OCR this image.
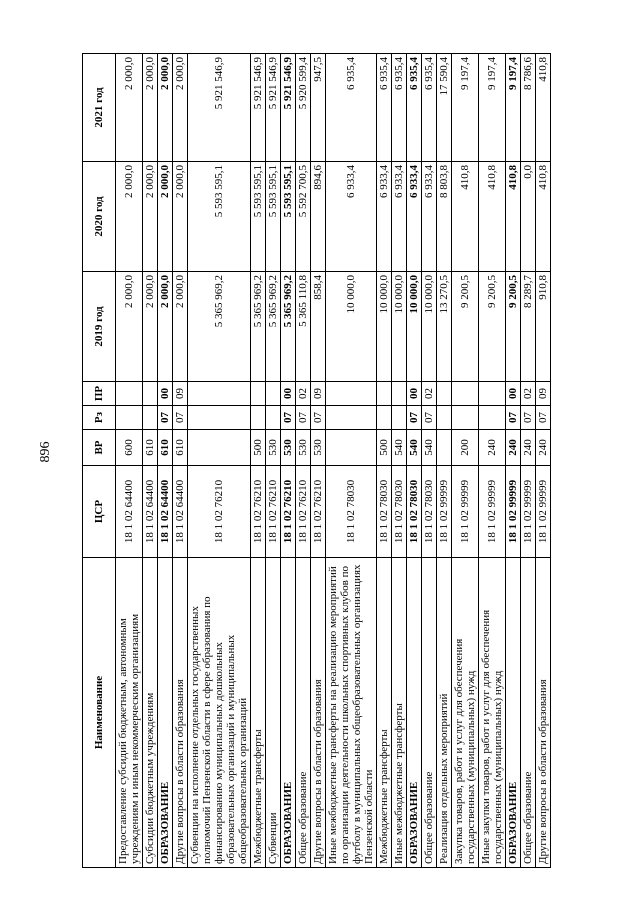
896
Наименование	ЦСР	ВР	Рз	ПР	2019 год	2020 год	2021 год
Предоставление субсидий бюджетным, автономным учреждениям и иным некоммерческим организациям	18 1 02 64400	600			2 000,0	2 000,0	2 000,0
Субсидии бюджетным учреждениям	18 1 02 64400	610			2 000,0	2 000,0	2 000,0
ОБРАЗОВАНИЕ	18 1 02 64400	610	07	00	2 000,0	2 000,0	2 000,0
Другие вопросы в области образования	18 1 02 64400	610	07	09	2 000,0	2 000,0	2 000,0
Субвенции на исполнение отдельных государственных полномочий Пензенской области в сфере образования по финансированию муниципальных дошкольных образовательных организаций и муниципальных общеобразовательных организаций	18 1 02 76210				5 365 969,2	5 593 595,1	5 921 546,9
Межбюджетные трансферты	18 1 02 76210	500			5 365 969,2	5 593 595,1	5 921 546,9
Субвенции	18 1 02 76210	530			5 365 969,2	5 593 595,1	5 921 546,9
ОБРАЗОВАНИЕ	18 1 02 76210	530	07	00	5 365 969,2	5 593 595,1	5 921 546,9
Общее образование	18 1 02 76210	530	07	02	5 365 110,8	5 592 700,5	5 920 599,4
Другие вопросы в области образования	18 1 02 76210	530	07	09	858,4	894,6	947,5
Иные межбюджетные трансферты на реализацию мероприятий по организации деятельности школьных спортивных клубов по футболу в муниципальных общеобразовательных организациях Пензенской области	18 1 02 78030				10 000,0	6 933,4	6 935,4
Межбюджетные трансферты	18 1 02 78030	500			10 000,0	6 933,4	6 935,4
Иные межбюджетные трансферты	18 1 02 78030	540			10 000,0	6 933,4	6 935,4
ОБРАЗОВАНИЕ	18 1 02 78030	540	07	00	10 000,0	6 933,4	6 935,4
Общее образование	18 1 02 78030	540	07	02	10 000,0	6 933,4	6 935,4
Реализация отдельных мероприятий	18 1 02 99999				13 270,5	8 803,8	17 590,4
Закупка товаров, работ и услуг для обеспечения государственных (муниципальных) нужд	18 1 02 99999	200			9 200,5	410,8	9 197,4
Иные закупки товаров, работ и услуг для обеспечения государственных (муниципальных) нужд	18 1 02 99999	240			9 200,5	410,8	9 197,4
ОБРАЗОВАНИЕ	18 1 02 99999	240	07	00	9 200,5	410,8	9 197,4
Общее образование	18 1 02 99999	240	07	02	8 289,7	0,0	8 786,6
Другие вопросы в области образования	18 1 02 99999	240	07	09	910,8	410,8	410,8
